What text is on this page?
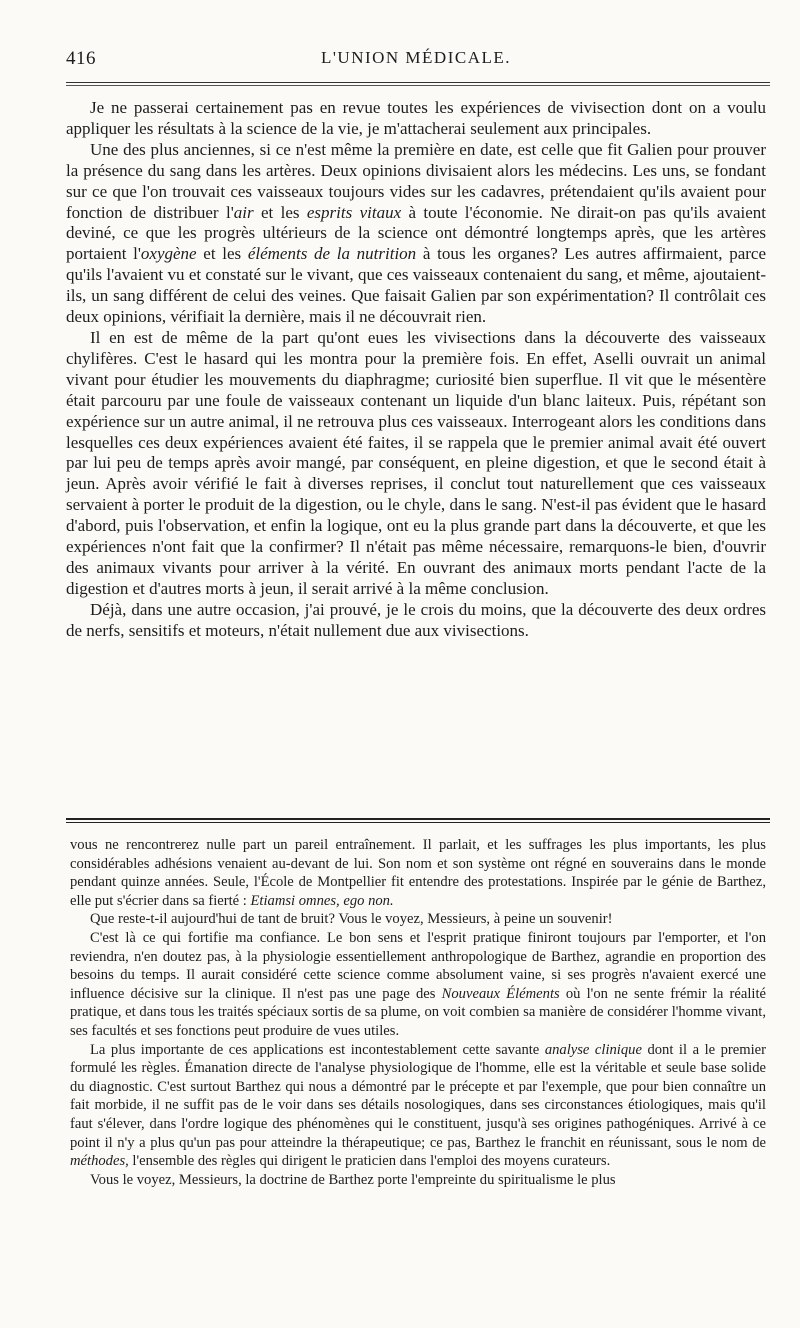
416	L'UNION MÉDICALE.

Je ne passerai certainement pas en revue toutes les expériences de vivisection dont on a voulu appliquer les résultats à la science de la vie, je m'attacherai seulement aux principales.

Une des plus anciennes, si ce n'est même la première en date, est celle que fit Galien pour prouver la présence du sang dans les artères. Deux opinions divisaient alors les médecins. Les uns, se fondant sur ce que l'on trouvait ces vaisseaux toujours vides sur les cadavres, prétendaient qu'ils avaient pour fonction de distribuer l'air et les esprits vitaux à toute l'économie. Ne dirait-on pas qu'ils avaient deviné, ce que les progrès ultérieurs de la science ont démontré longtemps après, que les artères portaient l'oxygène et les éléments de la nutrition à tous les organes? Les autres affirmaient, parce qu'ils l'avaient vu et constaté sur le vivant, que ces vaisseaux contenaient du sang, et même, ajoutaient-ils, un sang différent de celui des veines. Que faisait Galien par son expérimentation? Il contrôlait ces deux opinions, vérifiait la dernière, mais il ne découvrait rien.

Il en est de même de la part qu'ont eues les vivisections dans la découverte des vaisseaux chylifères. C'est le hasard qui les montra pour la première fois. En effet, Aselli ouvrait un animal vivant pour étudier les mouvements du diaphragme; curiosité bien superflue. Il vit que le mésentère était parcouru par une foule de vaisseaux contenant un liquide d'un blanc laiteux. Puis, répétant son expérience sur un autre animal, il ne retrouva plus ces vaisseaux. Interrogeant alors les conditions dans lesquelles ces deux expériences avaient été faites, il se rappela que le premier animal avait été ouvert par lui peu de temps après avoir mangé, par conséquent, en pleine digestion, et que le second était à jeun. Après avoir vérifié le fait à diverses reprises, il conclut tout naturellement que ces vaisseaux servaient à porter le produit de la digestion, ou le chyle, dans le sang. N'est-il pas évident que le hasard d'abord, puis l'observation, et enfin la logique, ont eu la plus grande part dans la découverte, et que les expériences n'ont fait que la confirmer? Il n'était pas même nécessaire, remarquons-le bien, d'ouvrir des animaux vivants pour arriver à la vérité. En ouvrant des animaux morts pendant l'acte de la digestion et d'autres morts à jeun, il serait arrivé à la même conclusion.

Déjà, dans une autre occasion, j'ai prouvé, je le crois du moins, que la découverte des deux ordres de nerfs, sensitifs et moteurs, n'était nullement due aux vivisections.

vous ne rencontrerez nulle part un pareil entraînement. Il parlait, et les suffrages les plus importants, les plus considérables adhésions venaient au-devant de lui. Son nom et son système ont régné en souverains dans le monde pendant quinze années. Seule, l'École de Montpellier fit entendre des protestations. Inspirée par le génie de Barthez, elle put s'écrier dans sa fierté : Etiamsi omnes, ego non.

Que reste-t-il aujourd'hui de tant de bruit? Vous le voyez, Messieurs, à peine un souvenir!

C'est là ce qui fortifie ma confiance. Le bon sens et l'esprit pratique finiront toujours par l'emporter, et l'on reviendra, n'en doutez pas, à la physiologie essentiellement anthropologique de Barthez, agrandie en proportion des besoins du temps. Il aurait considéré cette science comme absolument vaine, si ses progrès n'avaient exercé une influence décisive sur la clinique. Il n'est pas une page des Nouveaux Éléments où l'on ne sente frémir la réalité pratique, et dans tous les traités spéciaux sortis de sa plume, on voit combien sa manière de considérer l'homme vivant, ses facultés et ses fonctions peut produire de vues utiles.

La plus importante de ces applications est incontestablement cette savante analyse clinique dont il a le premier formulé les règles. Émanation directe de l'analyse physiologique de l'homme, elle est la véritable et seule base solide du diagnostic. C'est surtout Barthez qui nous a démontré par le précepte et par l'exemple, que pour bien connaître un fait morbide, il ne suffit pas de le voir dans ses détails nosologiques, dans ses circonstances étiologiques, mais qu'il faut s'élever, dans l'ordre logique des phénomènes qui le constituent, jusqu'à ses origines pathogéniques. Arrivé à ce point il n'y a plus qu'un pas pour atteindre la thérapeutique; ce pas, Barthez le franchit en réunissant, sous le nom de méthodes, l'ensemble des règles qui dirigent le praticien dans l'emploi des moyens curateurs.

Vous le voyez, Messieurs, la doctrine de Barthez porte l'empreinte du spiritualisme le plus
